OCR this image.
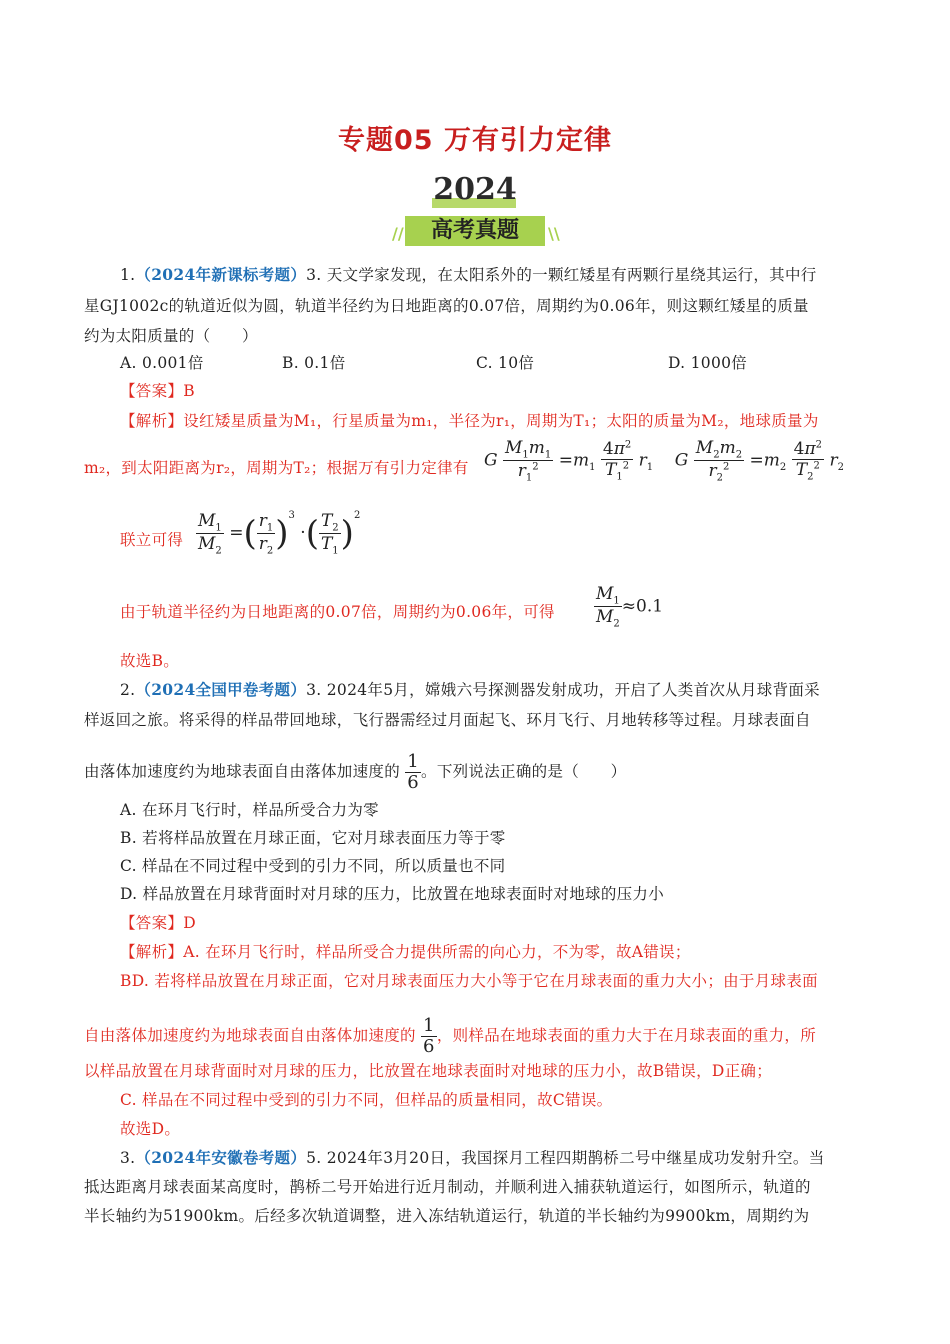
专题05 万有引力定律
2024
//	高考真题	\\
1.（2024年新课标考题）3. 天文学家发现，在太阳系外的一颗红矮星有两颗行星绕其运行，其中行
星GJ1002c的轨道近似为圆，轨道半径约为日地距离的0.07倍，周期约为0.06年，则这颗红矮星的质量
约为太阳质量的（　　）
A. 0.001倍	B. 0.1倍	C. 10倍	D. 1000倍
【答案】B
【解析】设红矮星质量为M₁，行星质量为m₁，半径为r₁，周期为T₁；太阳的质量为M₂，地球质量为
m₂，到太阳距离为r₂，周期为T₂；根据万有引力定律有 G $\frac{M_1m_1}{r_1^2} =m_1 \frac{4\pi^2}{T_1^2} r_1$ G $\frac{M_2m_2}{r_2^2} =m_2 \frac{4\pi^2}{T_2^2} r_2$
联立可得 $\frac{M_1}{M_2}$ =( $\frac{r_1}{r_2} )^3$ ·( $\frac{T_2}{T_1} )^2$
由于轨道半径约为日地距离的0.07倍，周期约为0.06年，可得 $\frac{M_1}{M_2} \approx 0.1$
故选B。
2.（2024全国甲卷考题）3. 2024年5月，嫦娥六号探测器发射成功，开启了人类首次从月球背面采
样返回之旅。将采得的样品带回地球，飞行器需经过月面起飞、环月飞行、月地转移等过程。月球表面自
由落体加速度约为地球表面自由落体加速度的 $\frac{1}{6}$ 。下列说法正确的是（　　）
A. 在环月飞行时，样品所受合力为零
B. 若将样品放置在月球正面，它对月球表面压力等于零
C. 样品在不同过程中受到的引力不同，所以质量也不同
D. 样品放置在月球背面时对月球的压力，比放置在地球表面时对地球的压力小
【答案】D
【解析】A. 在环月飞行时，样品所受合力提供所需的向心力，不为零，故A错误；
BD. 若将样品放置在月球正面，它对月球表面压力大小等于它在月球表面的重力大小；由于月球表面
自由落体加速度约为地球表面自由落体加速度的 $\frac{1}{6}$ ，则样品在地球表面的重力大于在月球表面的重力，所
以样品放置在月球背面时对月球的压力，比放置在地球表面时对地球的压力小，故B错误，D正确；
C. 样品在不同过程中受到的引力不同，但样品的质量相同，故C错误。
故选D。
3.（2024年安徽卷考题）5. 2024年3月20日，我国探月工程四期鹊桥二号中继星成功发射升空。当
抵达距离月球表面某高度时，鹊桥二号开始进行近月制动，并顺利进入捕获轨道运行，如图所示，轨道的
半长轴约为51900km。后经多次轨道调整，进入冻结轨道运行，轨道的半长轴约为9900km，周期约为
